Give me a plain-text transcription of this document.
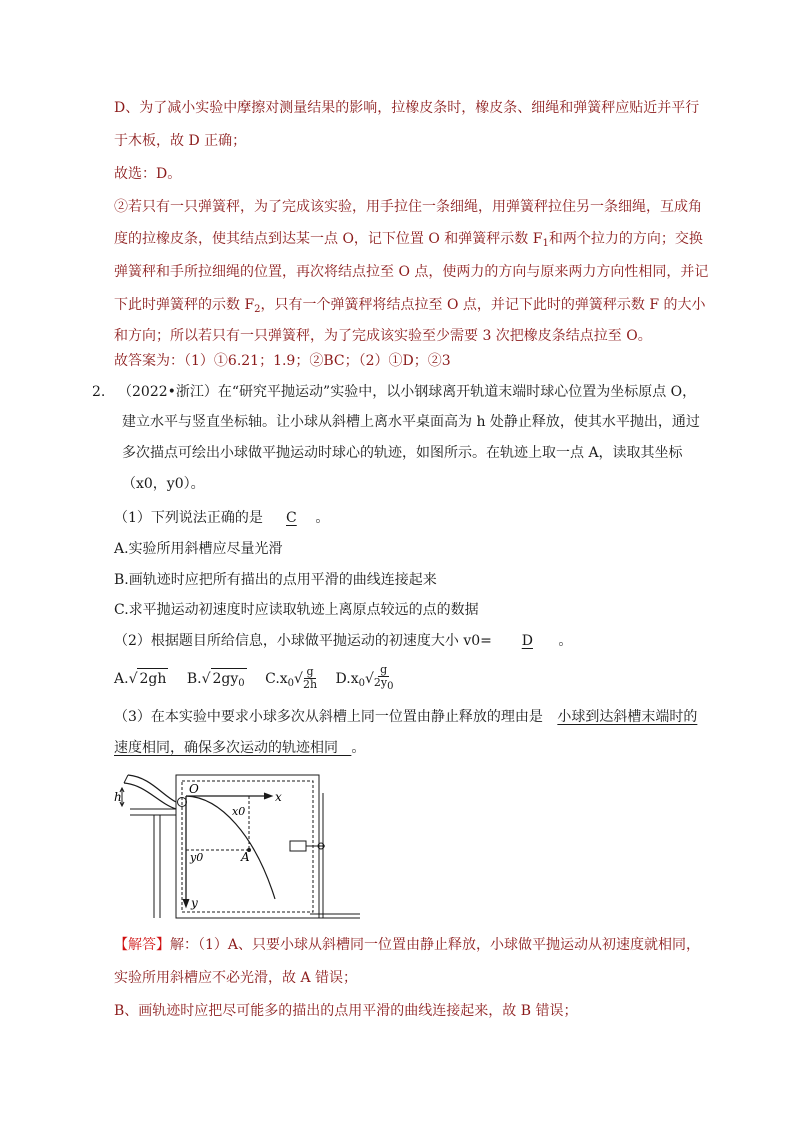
D、为了减小实验中摩擦对测量结果的影响，拉橡皮条时，橡皮条、细绳和弹簧秤应贴近并平行
于木板，故 D 正确；
故选：D。
②若只有一只弹簧秤，为了完成该实验，用手拉住一条细绳，用弹簧秤拉住另一条细绳，互成角
度的拉橡皮条，使其结点到达某一点 O，记下位置 O 和弹簧秤示数 $F_1$和两个拉力的方向；交换
弹簧秤和手所拉细绳的位置，再次将结点拉至 O 点，使两力的方向与原来两力方向性相同，并记
下此时弹簧秤的示数 $F_2$，只有一个弹簧秤将结点拉至 O 点，并记下此时的弹簧秤示数 F 的大小
和方向；所以若只有一只弹簧秤，为了完成该实验至少需要 3 次把橡皮条结点拉至 O。
故答案为：（1）①6.21；1.9；②BC；（2）①D；②3
2. （2022•浙江）在“研究平抛运动”实验中，以小钢球离开轨道末端时球心位置为坐标原点 O，
建立水平与竖直坐标轴。让小球从斜槽上离水平桌面高为 h 处静止释放，使其水平抛出，通过
多次描点可绘出小球做平抛运动时球心的轨迹，如图所示。在轨迹上取一点 A，读取其坐标
（x0，y0）。
（1）下列说法正确的是 C 。
A.实验所用斜槽应尽量光滑
B.画轨迹时应把所有描出的点用平滑的曲线连接起来
C.求平抛运动初速度时应读取轨迹上离原点较远的点的数据
（2）根据题目所给信息，小球做平抛运动的初速度大小 v0= D 。
A.√ 2gh B.√ $2gy_0$ $C.x_0√ \frac{g}{2h} D.x_0√ \frac{g}{2y_0}$
（3）在本实验中要求小球多次从斜槽上同一位置由静止释放的理由是 小球到达斜槽末端时的
速度相同，确保多次运动的轨迹相同 。
h
O
x
x0
y0	A
y
【解答】解：（1）A、只要小球从斜槽同一位置由静止释放，小球做平抛运动从初速度就相同，
实验所用斜槽应不必光滑，故 A 错误；
B、画轨迹时应把尽可能多的描出的点用平滑的曲线连接起来，故 B 错误；
